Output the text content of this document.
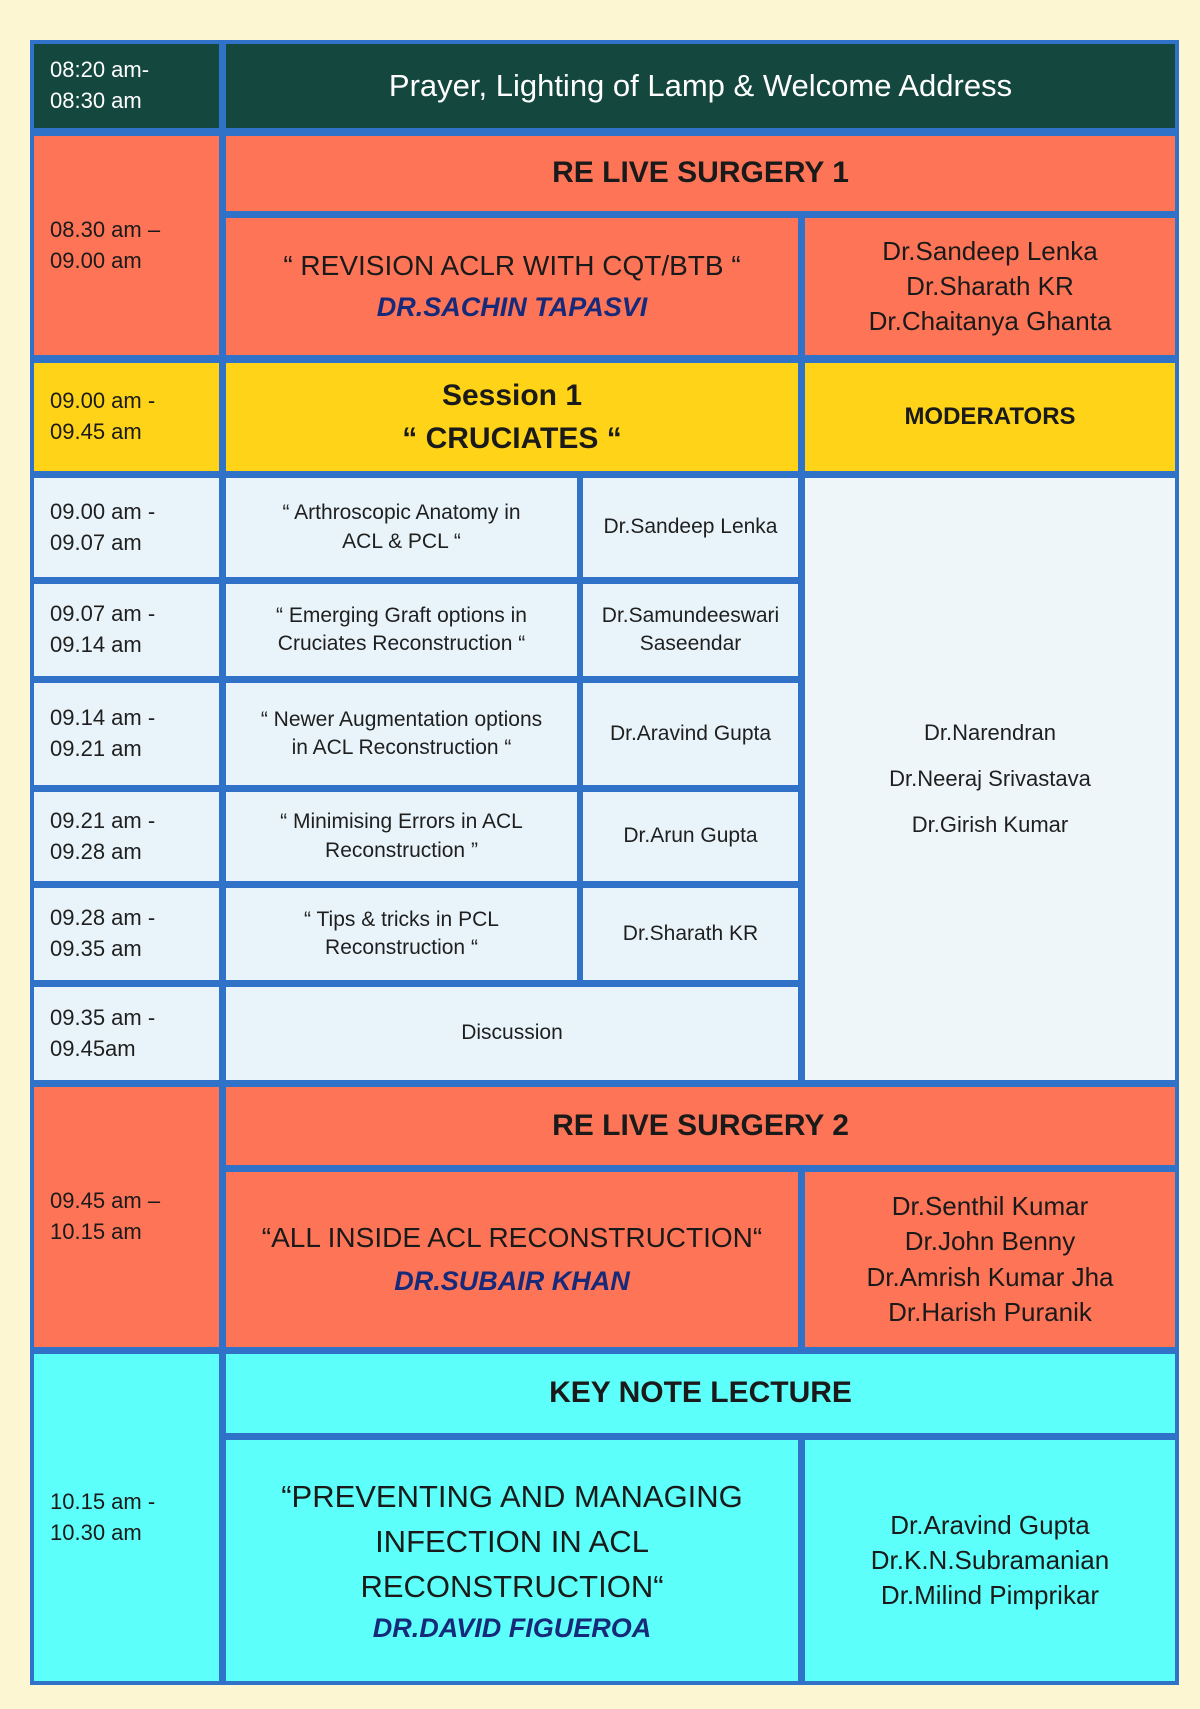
08:20 am-
08:30 am	Prayer, Lighting of Lamp & Welcome Address
08.30 am –
09.00 am
RE LIVE SURGERY 1
“ REVISION ACLR WITH CQT/BTB “
DR.SACHIN TAPASVI
Dr.Sandeep Lenka
Dr.Sharath KR
Dr.Chaitanya Ghanta
09.00 am -
09.45 am
Session 1
“ CRUCIATES “
MODERATORS
09.00 am -
09.07 am
“ Arthroscopic Anatomy in
ACL & PCL “
Dr.Sandeep Lenka
09.07 am -
09.14 am
“ Emerging Graft options in
Cruciates Reconstruction “
Dr.Samundeeswari
Saseendar
09.14 am -
09.21 am
“ Newer Augmentation options
in ACL Reconstruction “
Dr.Aravind Gupta
09.21 am -
09.28 am
“ Minimising Errors in ACL
Reconstruction ”
Dr.Arun Gupta
09.28 am -
09.35 am
“ Tips & tricks in PCL
Reconstruction “
Dr.Sharath KR
09.35 am -
09.45am
Discussion
Dr.Narendran
Dr.Neeraj Srivastava
Dr.Girish Kumar
09.45 am –
10.15 am
RE LIVE SURGERY 2
“ALL INSIDE ACL RECONSTRUCTION“
DR.SUBAIR KHAN
Dr.Senthil Kumar
Dr.John Benny
Dr.Amrish Kumar Jha
Dr.Harish Puranik
10.15 am -
10.30 am
KEY NOTE LECTURE
“PREVENTING AND MANAGING
INFECTION IN ACL RECONSTRUCTION“
DR.DAVID FIGUEROA
Dr.Aravind Gupta
Dr.K.N.Subramanian
Dr.Milind Pimprikar
